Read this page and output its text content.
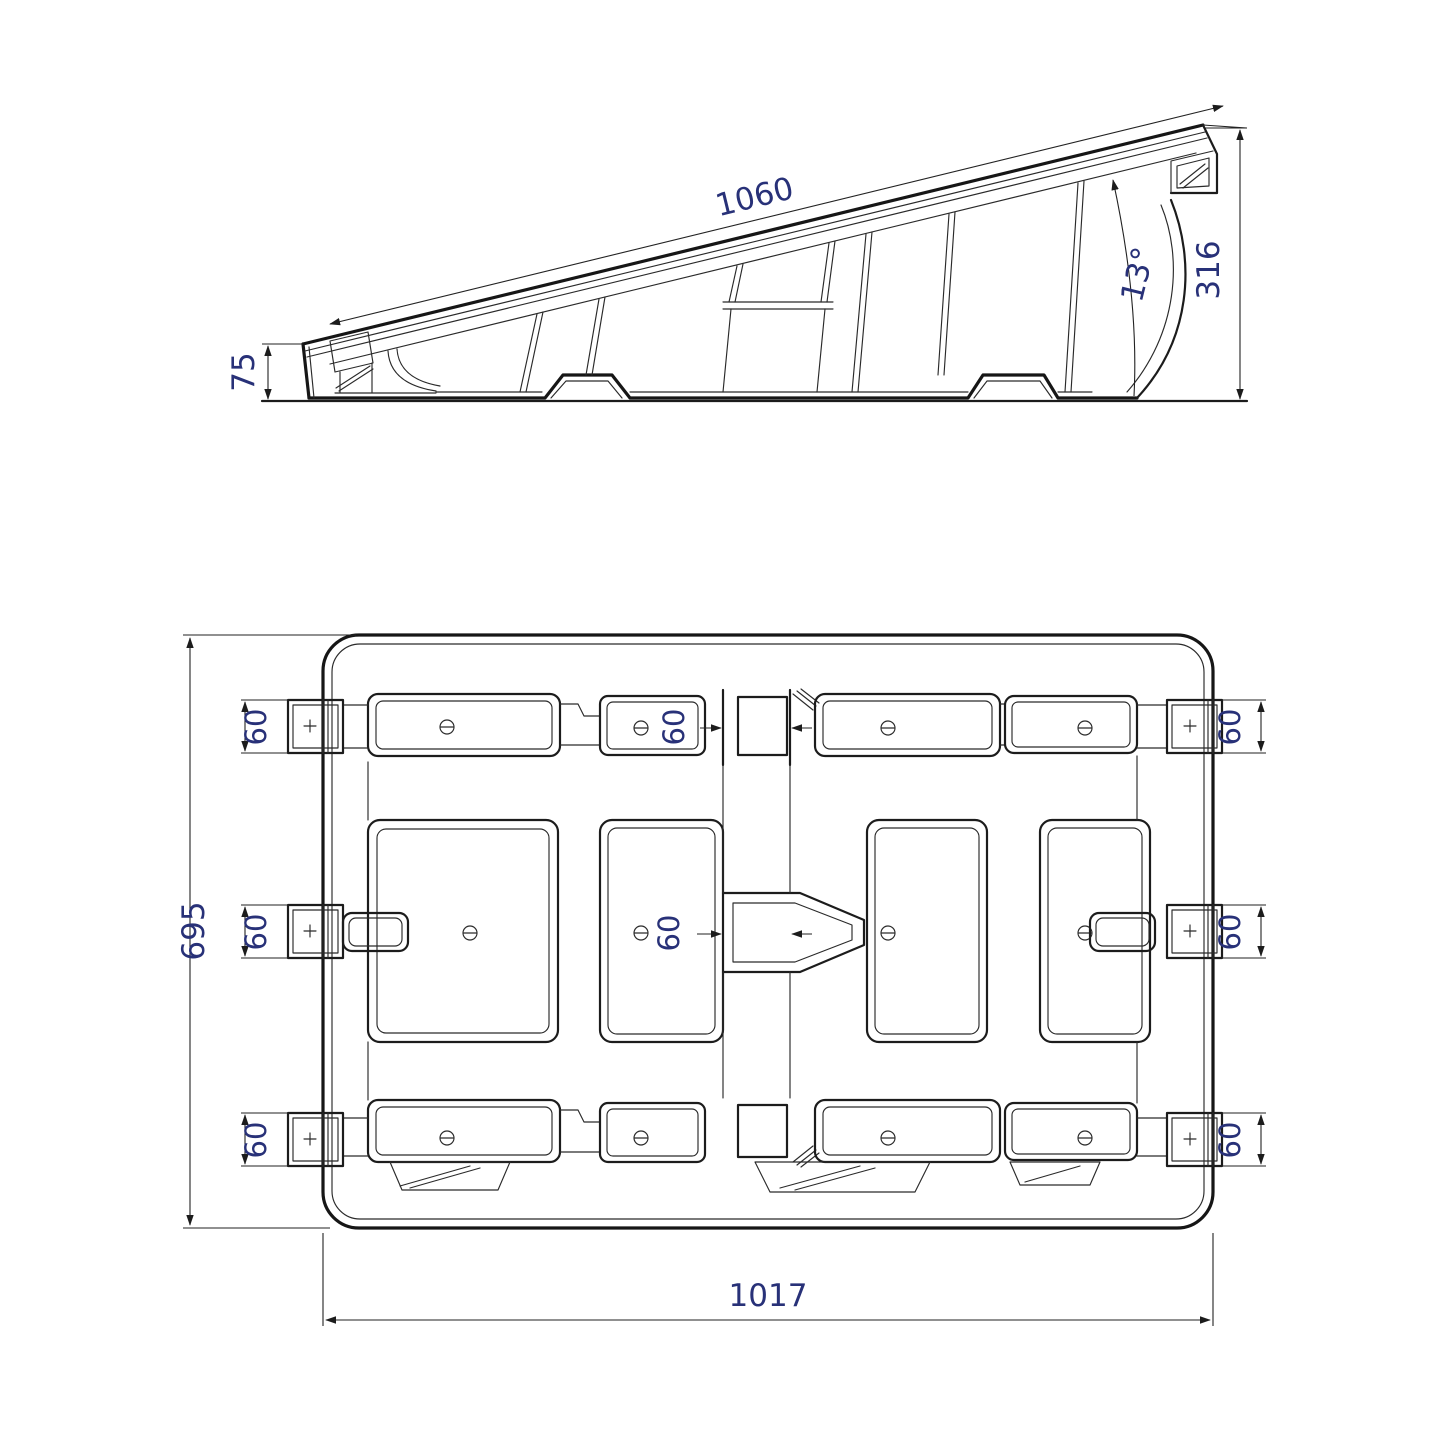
75
1060
316
13°
60
60
60
60
60
60
60
60
695
1017
